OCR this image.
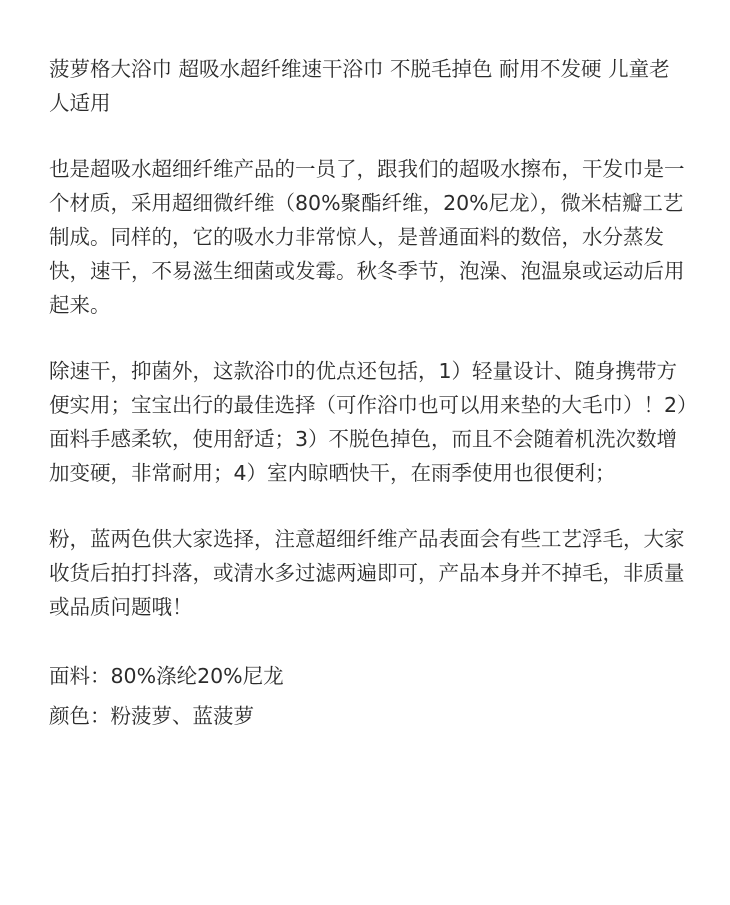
菠萝格大浴巾 超吸水超纤维速干浴巾 不脱毛掉色 耐用不发硬 儿童老人适用

也是超吸水超细纤维产品的一员了，跟我们的超吸水擦布，干发巾是一个材质，采用超细微纤维（80%聚酯纤维，20%尼龙），微米桔瓣工艺制成。同样的，它的吸水力非常惊人，是普通面料的数倍，水分蒸发快，速干，不易滋生细菌或发霉。秋冬季节，泡澡、泡温泉或运动后用起来。

除速干，抑菌外，这款浴巾的优点还包括，1）轻量设计、随身携带方便实用；宝宝出行的最佳选择（可作浴巾也可以用来垫的大毛巾）！2）面料手感柔软，使用舒适；3）不脱色掉色，而且不会随着机洗次数增加变硬，非常耐用；4）室内晾晒快干，在雨季使用也很便利；

粉，蓝两色供大家选择，注意超细纤维产品表面会有些工艺浮毛，大家收货后拍打抖落，或清水多过滤两遍即可，产品本身并不掉毛，非质量或品质问题哦！

面料：80%涤纶20%尼龙

颜色：粉菠萝、蓝菠萝
